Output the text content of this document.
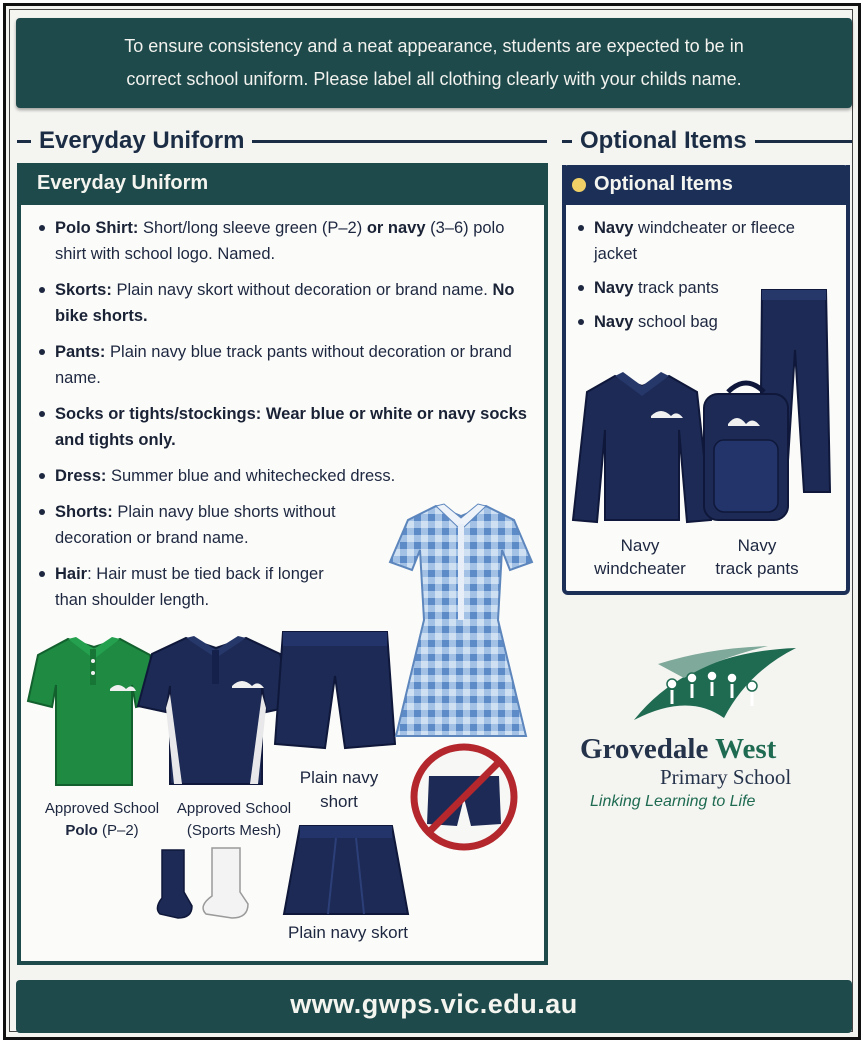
To ensure consistency and a neat appearance, students are expected to be in
correct school uniform. Please label all clothing clearly with your childs name.

Everyday Uniform	Optional Items
Everyday Uniform
Polo Shirt: Short/long sleeve green (P–2) or navy (3–6) polo shirt with school logo. Named.
Skorts: Plain navy skort without decoration or brand name. No bike shorts.
Pants: Plain navy blue track pants without decoration or brand name.
Socks or tights/stockings: Wear blue or white or navy socks and tights only.
Dress: Summer blue and whitechecked dress.
Shorts: Plain navy blue shorts without decoration or brand name.
Hair: Hair must be tied back if longer than shoulder length.
Approved School
Polo (P–2)
Approved School
(Sports Mesh)
Plain navy
short
Plain navy skort
Optional Items
Navy windcheater or fleece jacket
Navy track pants
Navy school bag
Navy
windcheater
Navy
track pants
Grovedale West
Primary School
Linking Learning to Life
www.gwps.vic.edu.au
